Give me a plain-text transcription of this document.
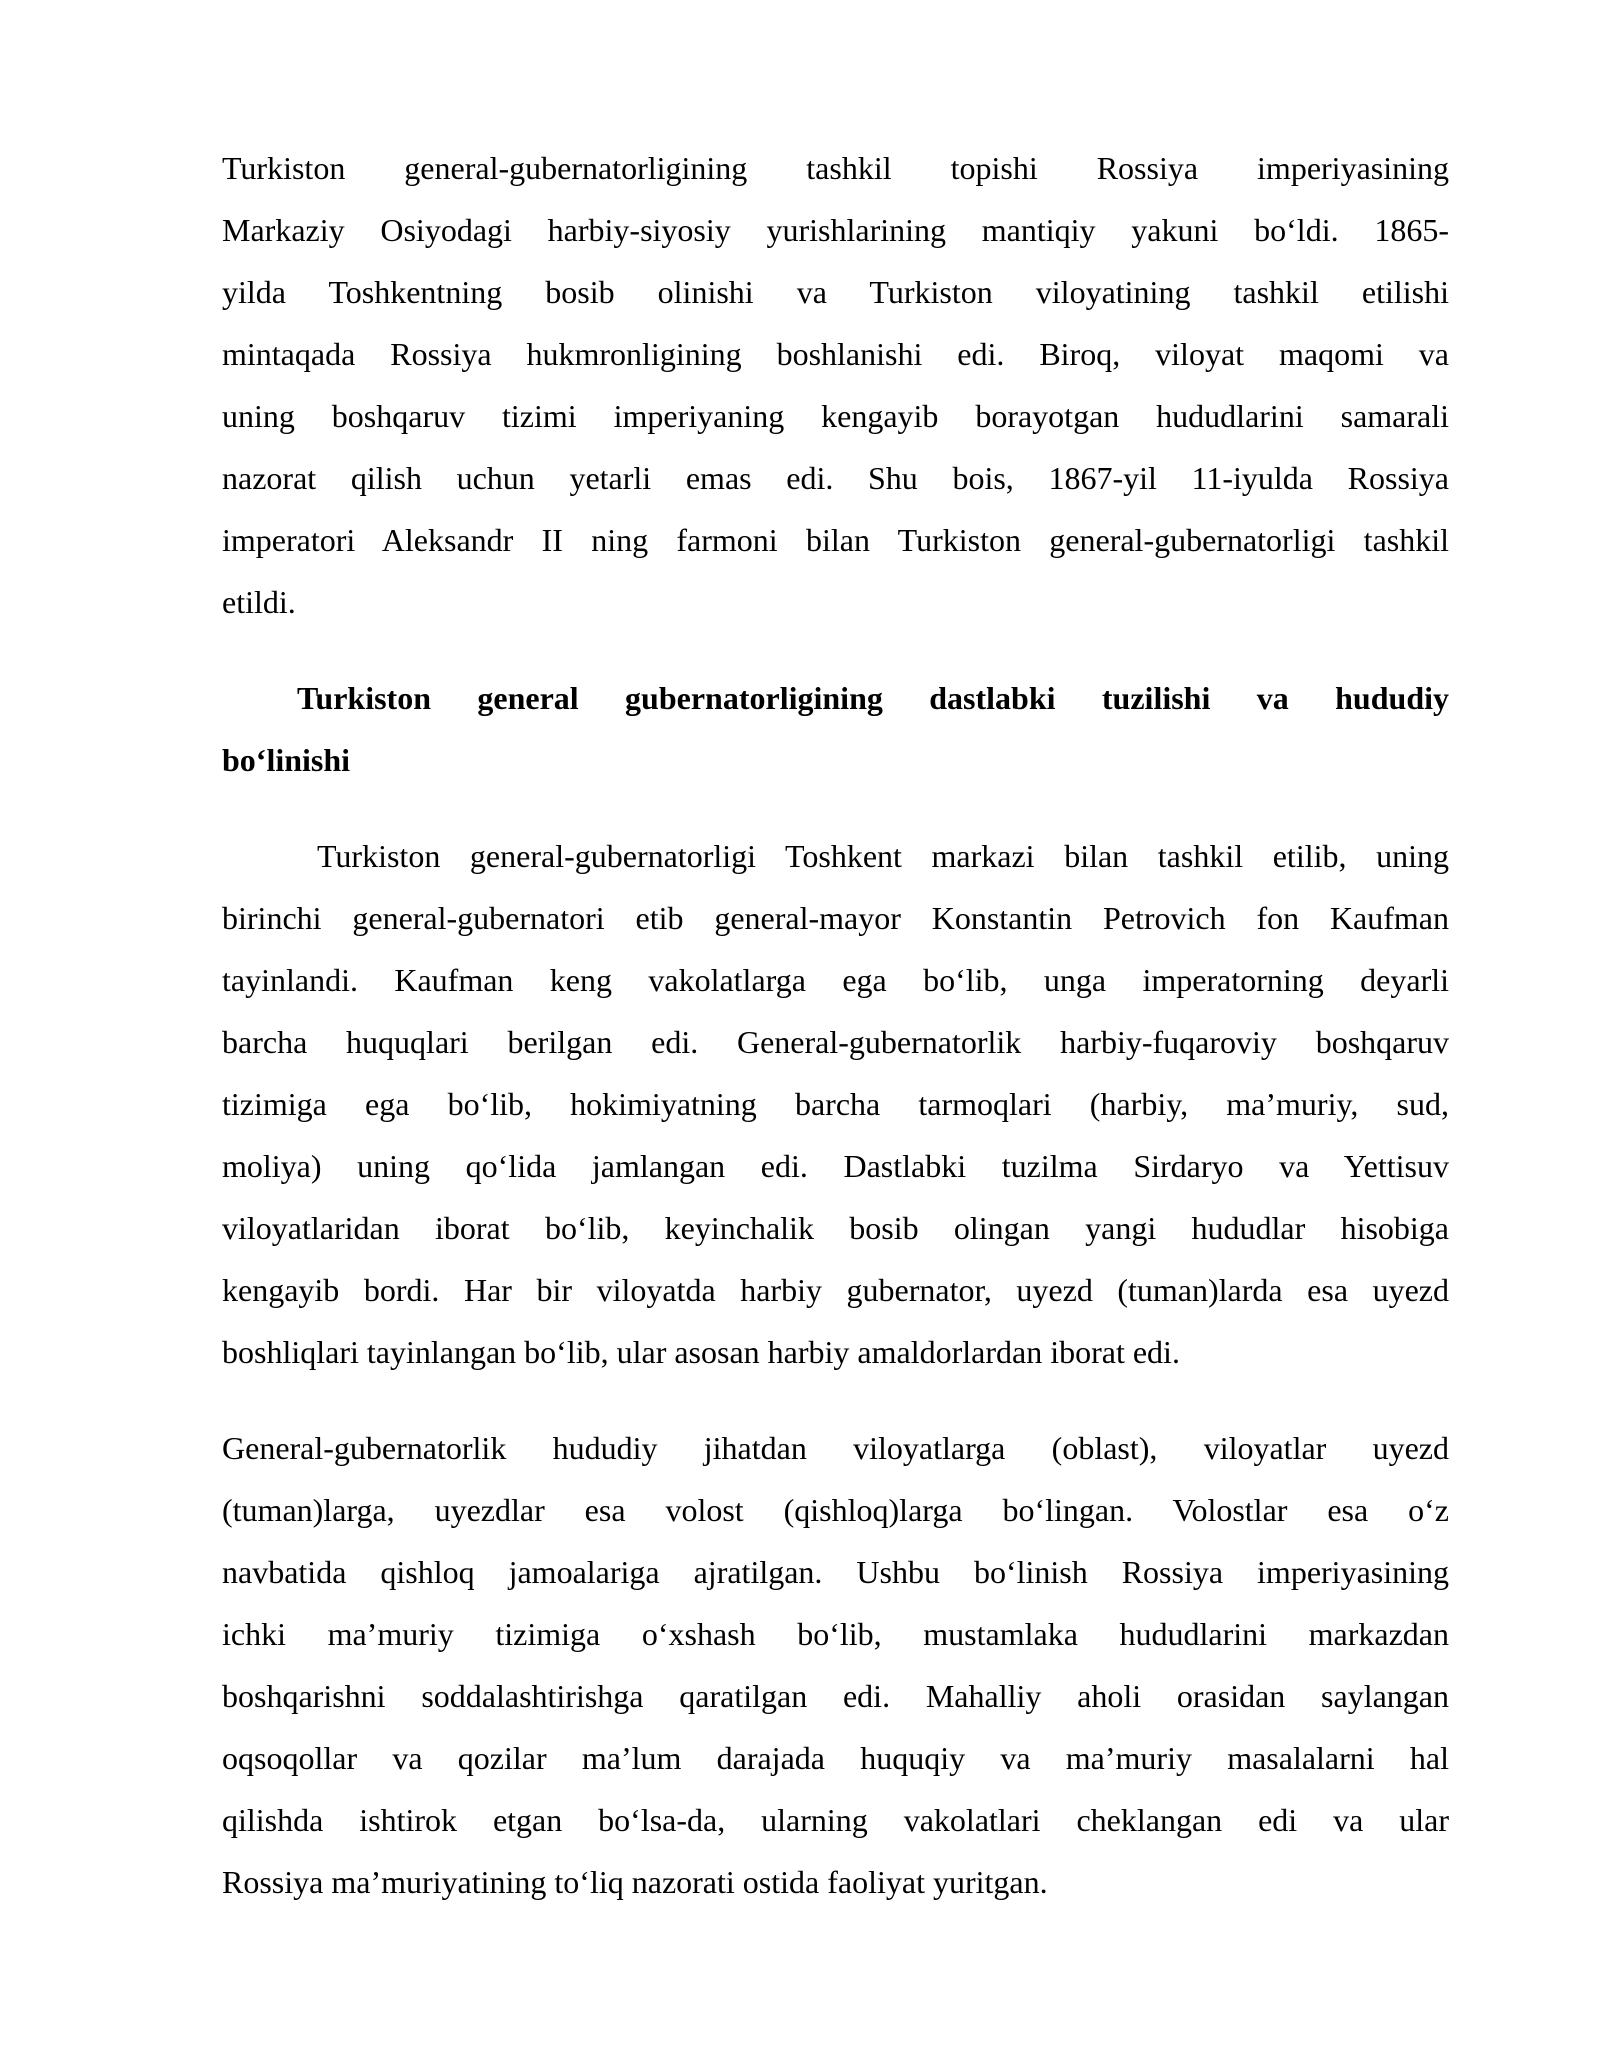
Turkiston general-gubernatorligining tashkil topishi Rossiya imperiyasining
Markaziy Osiyodagi harbiy-siyosiy yurishlarining mantiqiy yakuni bo‘ldi. 1865-
yilda Toshkentning bosib olinishi va Turkiston viloyatining tashkil etilishi
mintaqada Rossiya hukmronligining boshlanishi edi. Biroq, viloyat maqomi va
uning boshqaruv tizimi imperiyaning kengayib borayotgan hududlarini samarali
nazorat qilish uchun yetarli emas edi. Shu bois, 1867-yil 11-iyulda Rossiya
imperatori Aleksandr II ning farmoni bilan Turkiston general-gubernatorligi tashkil
etildi.
Turkiston general gubernatorligining dastlabki tuzilishi va hududiy
bo‘linishi
Turkiston general-gubernatorligi Toshkent markazi bilan tashkil etilib, uning
birinchi general-gubernatori etib general-mayor Konstantin Petrovich fon Kaufman
tayinlandi. Kaufman keng vakolatlarga ega bo‘lib, unga imperatorning deyarli
barcha huquqlari berilgan edi. General-gubernatorlik harbiy-fuqaroviy boshqaruv
tizimiga ega bo‘lib, hokimiyatning barcha tarmoqlari (harbiy, ma’muriy, sud,
moliya) uning qo‘lida jamlangan edi. Dastlabki tuzilma Sirdaryo va Yettisuv
viloyatlaridan iborat bo‘lib, keyinchalik bosib olingan yangi hududlar hisobiga
kengayib bordi. Har bir viloyatda harbiy gubernator, uyezd (tuman)larda esa uyezd
boshliqlari tayinlangan bo‘lib, ular asosan harbiy amaldorlardan iborat edi.
General-gubernatorlik hududiy jihatdan viloyatlarga (oblast), viloyatlar uyezd
(tuman)larga, uyezdlar esa volost (qishloq)larga bo‘lingan. Volostlar esa o‘z
navbatida qishloq jamoalariga ajratilgan. Ushbu bo‘linish Rossiya imperiyasining
ichki ma’muriy tizimiga o‘xshash bo‘lib, mustamlaka hududlarini markazdan
boshqarishni soddalashtirishga qaratilgan edi. Mahalliy aholi orasidan saylangan
oqsoqollar va qozilar ma’lum darajada huquqiy va ma’muriy masalalarni hal
qilishda ishtirok etgan bo‘lsa-da, ularning vakolatlari cheklangan edi va ular
Rossiya ma’muriyatining to‘liq nazorati ostida faoliyat yuritgan.
